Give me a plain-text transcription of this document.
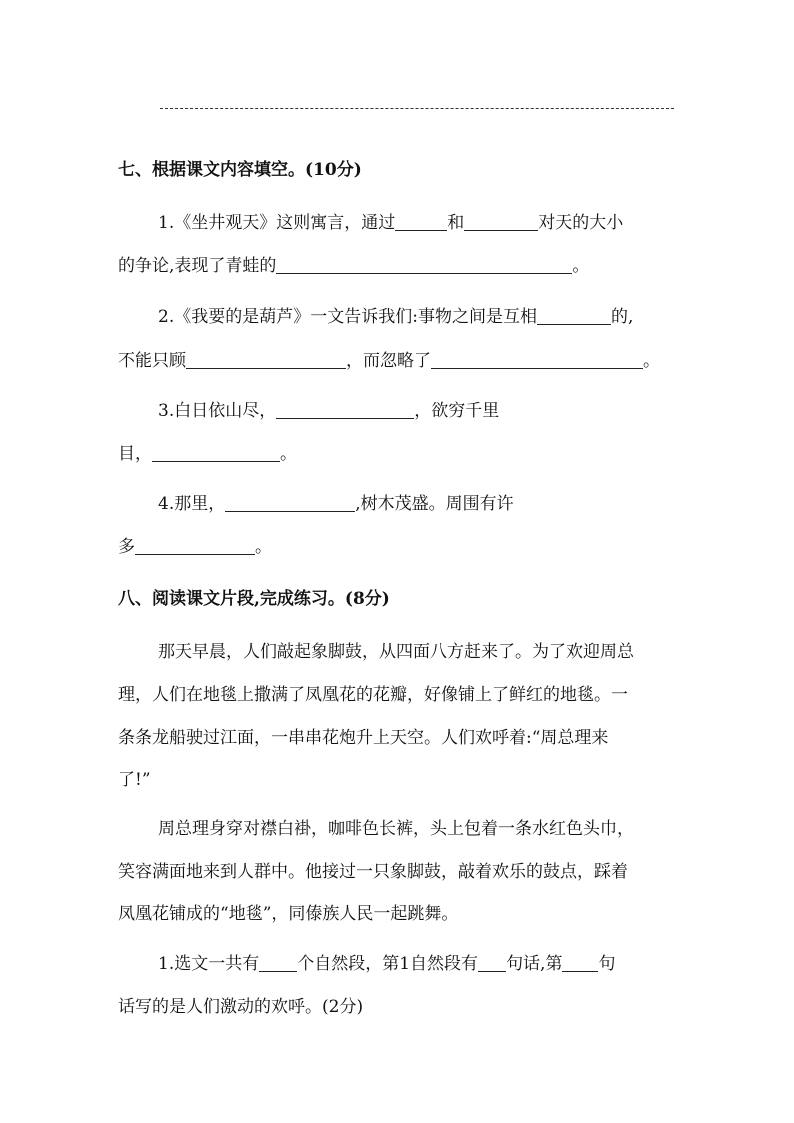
七、根据课文内容填空。(10分)
1.《坐井观天》这则寓言，通过	和	对天的大小
的争论,表现了青蛙的	。
2.《我要的是葫芦》一文告诉我们:事物之间是互相	的,
不能只顾	，而忽略了	。
3.白日依山尽，	，欲穷千里
目，	。
4.那里，	,树木茂盛。周围有许
多	。
八、阅读课文片段,完成练习。(8分)
那天早晨，人们敲起象脚鼓，从四面八方赶来了。为了欢迎周总
理，人们在地毯上撒满了凤凰花的花瓣，好像铺上了鲜红的地毯。一
条条龙船驶过江面，一串串花炮升上天空。人们欢呼着:“周总理来
了!”
周总理身穿对襟白褂，咖啡色长裤，头上包着一条水红色头巾，
笑容满面地来到人群中。他接过一只象脚鼓，敲着欢乐的鼓点，踩着
凤凰花铺成的“地毯”，同傣族人民一起跳舞。
1.选文一共有 个自然段，第1自然段有 句话,第 句
话写的是人们激动的欢呼。(2分)
